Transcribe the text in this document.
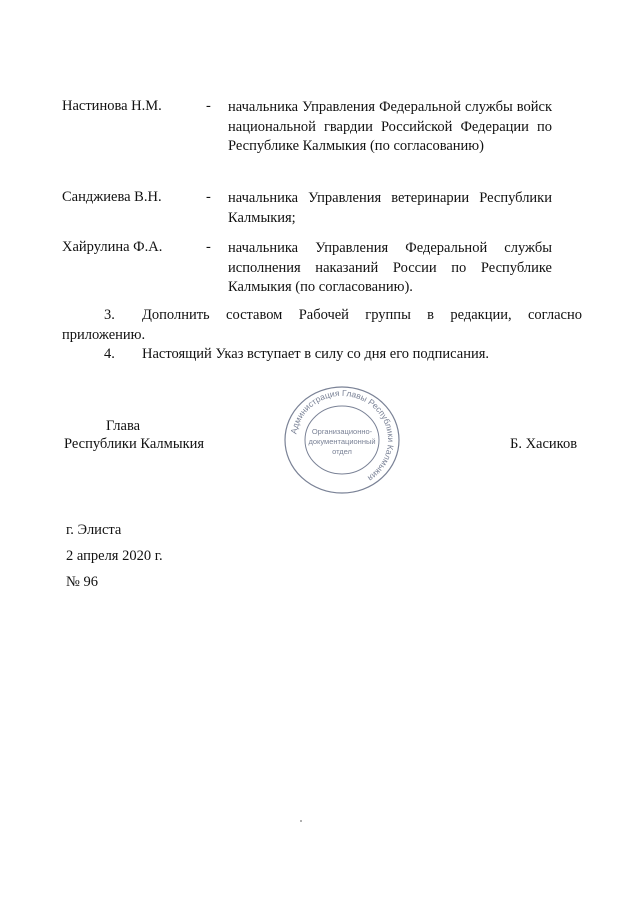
Настинова Н.М.	- начальника Управления Федеральной службы войск национальной гвардии Российской Федерации по Республике Калмыкия (по согласованию)
Санджиева В.Н.	- начальника Управления ветеринарии Республики Калмыкия;
Хайрулина Ф.А.	- начальника Управления Федеральной службы исполнения наказаний России по Республике Калмыкия (по согласованию).
3. Дополнить составом Рабочей группы в редакции, согласно приложению.
4. Настоящий Указ вступает в силу со дня его подписания.
Глава
Республики Калмыкия	Б. Хасиков
Администрация Главы Республики Калмыкия
Организационно-
документационный
отдел
г. Элиста
2 апреля 2020 г.
№ 96
